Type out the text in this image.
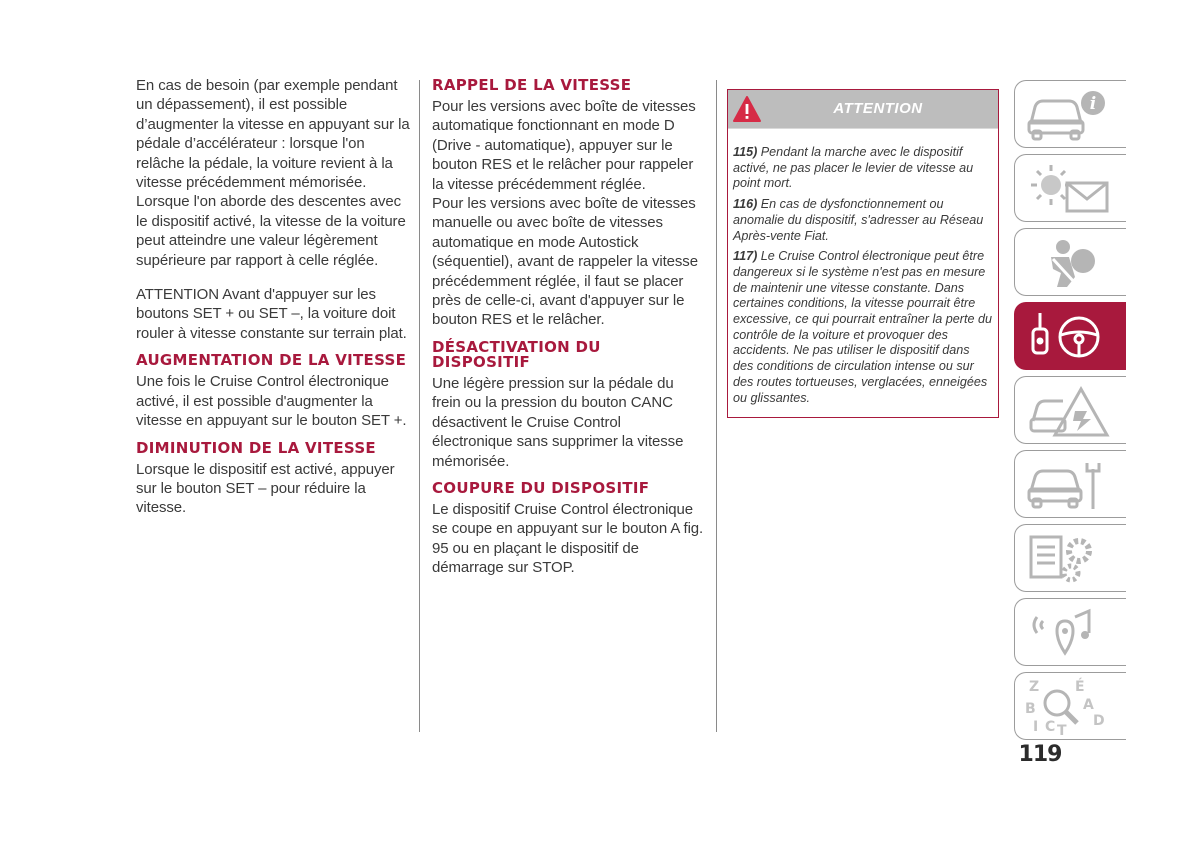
En cas de besoin (par exemple pendant un dépassement), il est possible d’augmenter la vitesse en appuyant sur la pédale d’accélérateur : lorsque l'on relâche la pédale, la voiture revient à la vitesse précédemment mémorisée. Lorsque l'on aborde des descentes avec le dispositif activé, la vitesse de la voiture peut atteindre une valeur légèrement supérieure par rapport à celle réglée.

ATTENTION Avant d'appuyer sur les boutons SET + ou SET –, la voiture doit rouler à vitesse constante sur terrain plat.

AUGMENTATION DE LA VITESSE

Une fois le Cruise Control électronique activé, il est possible d'augmenter la vitesse en appuyant sur le bouton SET +.

DIMINUTION DE LA VITESSE

Lorsque le dispositif est activé, appuyer sur le bouton SET – pour réduire la vitesse.

RAPPEL DE LA VITESSE

Pour les versions avec boîte de vitesses automatique fonctionnant en mode D (Drive - automatique), appuyer sur le bouton RES et le relâcher pour rappeler la vitesse précédemment réglée.

Pour les versions avec boîte de vitesses manuelle ou avec boîte de vitesses automatique en mode Autostick (séquentiel), avant de rappeler la vitesse précédemment réglée, il faut se placer près de celle-ci, avant d'appuyer sur le bouton RES et le relâcher.

DÉSACTIVATION DU DISPOSITIF

Une légère pression sur la pédale du frein ou la pression du bouton CANC désactivent le Cruise Control électronique sans supprimer la vitesse mémorisée.

COUPURE DU DISPOSITIF

Le dispositif Cruise Control électronique se coupe en appuyant sur le bouton A fig. 95 ou en plaçant le dispositif de démarrage sur STOP.

ATTENTION

115) Pendant la marche avec le dispositif activé, ne pas placer le levier de vitesse au point mort.

116) En cas de dysfonctionnement ou anomalie du dispositif, s'adresser au Réseau Après-vente Fiat.

117) Le Cruise Control électronique peut être dangereux si le système n'est pas en mesure de maintenir une vitesse constante. Dans certaines conditions, la vitesse pourrait être excessive, ce qui pourrait entraîner la perte du contrôle de la voiture et provoquer des accidents. Ne pas utiliser le dispositif dans des conditions de circulation intense ou sur des routes tortueuses, verglacées, enneigées ou glissantes.

i
Z	É
A
B
D
I C T
119
